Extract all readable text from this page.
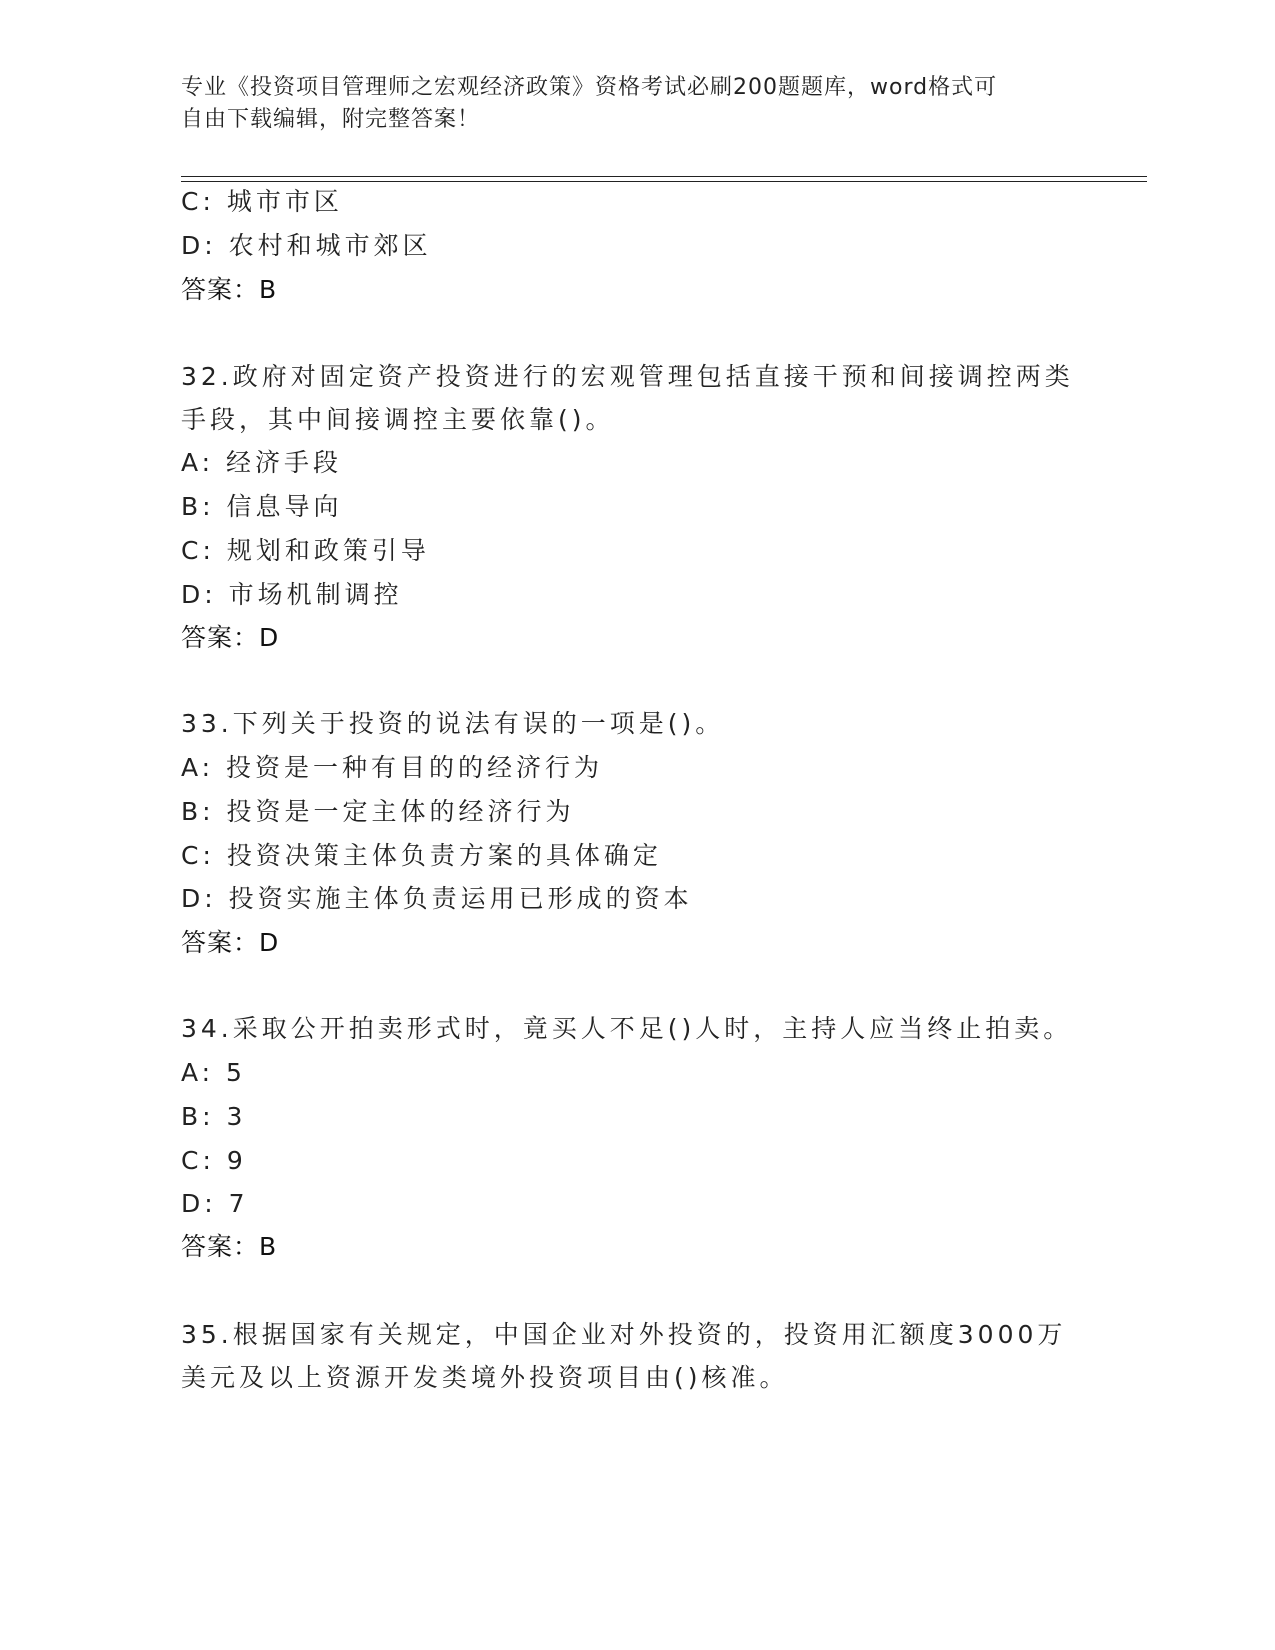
专业《投资项目管理师之宏观经济政策》资格考试必刷200题题库，word格式可
自由下载编辑，附完整答案！
C: 城市市区
D: 农村和城市郊区
答案：B
32.政府对固定资产投资进行的宏观管理包括直接干预和间接调控两类
手段，其中间接调控主要依靠()。
A: 经济手段
B: 信息导向
C: 规划和政策引导
D: 市场机制调控
答案：D
33.下列关于投资的说法有误的一项是()。
A: 投资是一种有目的的经济行为
B: 投资是一定主体的经济行为
C: 投资决策主体负责方案的具体确定
D: 投资实施主体负责运用已形成的资本
答案：D
34.采取公开拍卖形式时，竟买人不足()人时，主持人应当终止拍卖。
A: 5
B: 3
C: 9
D: 7
答案：B
35.根据国家有关规定，中国企业对外投资的，投资用汇额度3000万
美元及以上资源开发类境外投资项目由()核准。
